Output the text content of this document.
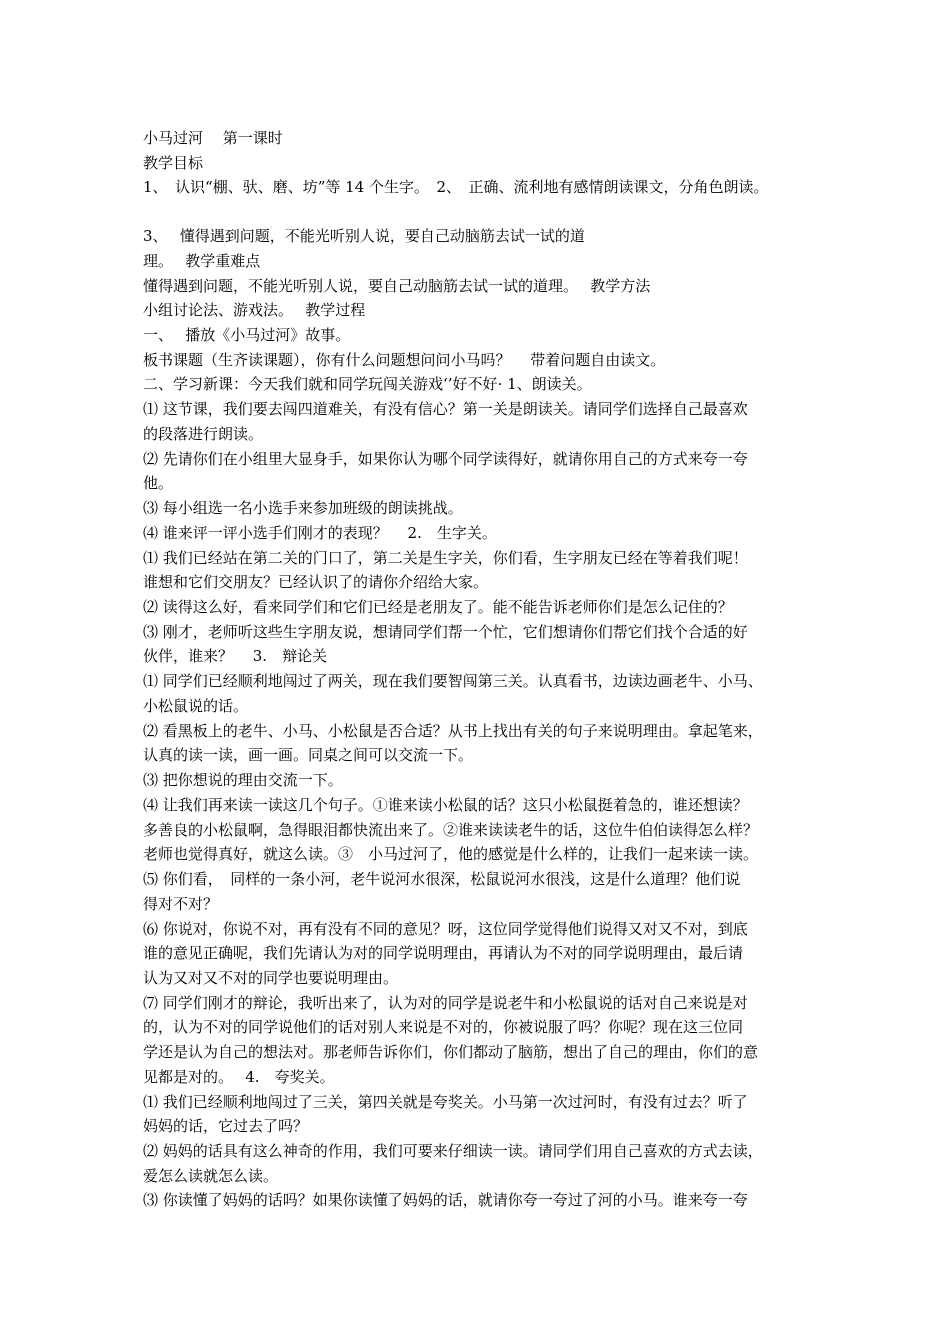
小马过河　 第一课时
教学目标
1、　认识“棚、驮、磨、坊”等 14 个生字。　2、　正确、流利地有感情朗读课文，分角色朗读。
3、　 懂得遇到问题，不能光听别人说，要自己动脑筋去试一试的道
理。　 教学重难点
懂得遇到问题，不能光听别人说，要自己动脑筋去试一试的道理。　 教学方法
小组讨论法、游戏法。　 教学过程
一、　 播放《小马过河》故事。
板书课题（生齐读课题），你有什么问题想问问小马吗？　 带着问题自由读文。
二、学习新课：今天我们就和同学玩闯关游戏‘’好不好· 1、朗读关。
⑴ 这节课，我们要去闯四道难关，有没有信心？第一关是朗读关。请同学们选择自己最喜欢
的段落进行朗读。
⑵ 先请你们在小组里大显身手，如果你认为哪个同学读得好，就请你用自己的方式来夸一夸
他。
⑶ 每小组选一名小选手来参加班级的朗读挑战。
⑷ 谁来评一评小选手们刚才的表现？　 2.　生字关。
⑴ 我们已经站在第二关的门口了，第二关是生字关，你们看，生字朋友已经在等着我们呢！
谁想和它们交朋友？已经认识了的请你介绍给大家。
⑵ 读得这么好，看来同学们和它们已经是老朋友了。能不能告诉老师你们是怎么记住的？
⑶ 刚才，老师听这些生字朋友说，想请同学们帮一个忙，它们想请你们帮它们找个合适的好
伙伴，谁来？　 3.　辩论关
⑴ 同学们已经顺利地闯过了两关，现在我们要智闯第三关。认真看书，边读边画老牛、小马、
小松鼠说的话。
⑵ 看黑板上的老牛、小马、小松鼠是否合适？从书上找出有关的句子来说明理由。拿起笔来，
认真的读一读，画一画。同桌之间可以交流一下。
⑶ 把你想说的理由交流一下。
⑷ 让我们再来读一读这几个句子。①谁来读小松鼠的话？这只小松鼠挺着急的，谁还想读？
多善良的小松鼠啊，急得眼泪都快流出来了。②谁来读读老牛的话，这位牛伯伯读得怎么样？
老师也觉得真好，就这么读。③　小马过河了，他的感觉是什么样的，让我们一起来读一读。
⑸ 你们看，　同样的一条小河，老牛说河水很深，松鼠说河水很浅，这是什么道理？他们说
得对不对？
⑹ 你说对，你说不对，再有没有不同的意见？呀，这位同学觉得他们说得又对又不对，到底
谁的意见正确呢，我们先请认为对的同学说明理由，再请认为不对的同学说明理由，最后请
认为又对又不对的同学也要说明理由。
⑺ 同学们刚才的辩论，我听出来了，认为对的同学是说老牛和小松鼠说的话对自己来说是对
的，认为不对的同学说他们的话对别人来说是不对的，你被说服了吗？你呢？现在这三位同
学还是认为自己的想法对。那老师告诉你们，你们都动了脑筋，想出了自己的理由，你们的意
见都是对的。　 4.　夸奖关。
⑴ 我们已经顺利地闯过了三关，第四关就是夸奖关。小马第一次过河时，有没有过去？听了
妈妈的话，它过去了吗？
⑵ 妈妈的话具有这么神奇的作用，我们可要来仔细读一读。请同学们用自己喜欢的方式去读，
爱怎么读就怎么读。
⑶ 你读懂了妈妈的话吗？如果你读懂了妈妈的话，就请你夸一夸过了河的小马。谁来夸一夸
